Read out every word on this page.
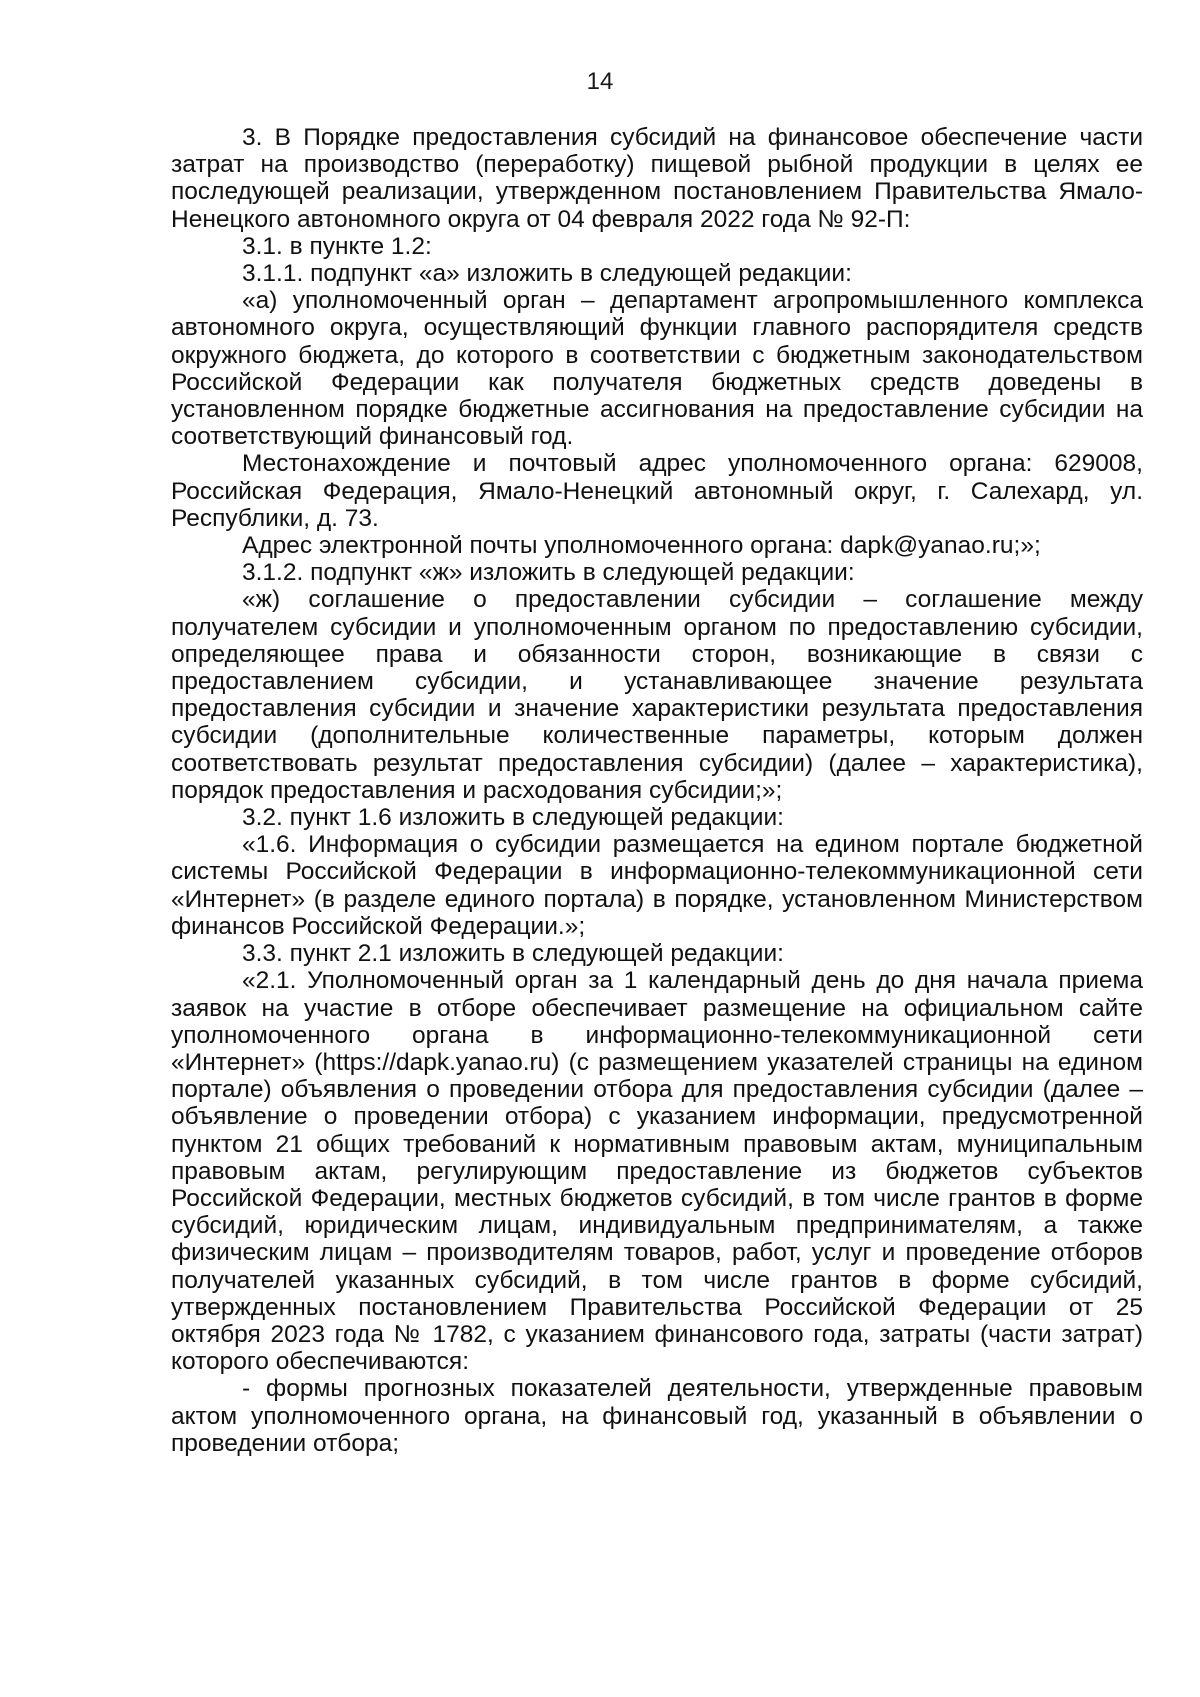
14

3. В Порядке предоставления субсидий на финансовое обеспечение части затрат на производство (переработку) пищевой рыбной продукции в целях ее последующей реализации, утвержденном постановлением Правительства Ямало-Ненецкого автономного округа от 04 февраля 2022 года № 92-П:

3.1. в пункте 1.2:

3.1.1. подпункт «а» изложить в следующей редакции:

«а) уполномоченный орган – департамент агропромышленного комплекса автономного округа, осуществляющий функции главного распорядителя средств окружного бюджета, до которого в соответствии с бюджетным законодательством Российской Федерации как получателя бюджетных средств доведены в установленном порядке бюджетные ассигнования на предоставление субсидии на соответствующий финансовый год.

Местонахождение и почтовый адрес уполномоченного органа: 629008, Российская Федерация, Ямало-Ненецкий автономный округ, г. Салехард, ул. Республики, д. 73.

Адрес электронной почты уполномоченного органа: dapk@yanao.ru;»;

3.1.2. подпункт «ж» изложить в следующей редакции:

«ж) соглашение о предоставлении субсидии – соглашение между получателем субсидии и уполномоченным органом по предоставлению субсидии, определяющее права и обязанности сторон, возникающие в связи с предоставлением субсидии, и устанавливающее значение результата предоставления субсидии и значение характеристики результата предоставления субсидии (дополнительные количественные параметры, которым должен соответствовать результат предоставления субсидии) (далее – характеристика), порядок предоставления и расходования субсидии;»;

3.2. пункт 1.6 изложить в следующей редакции:

«1.6. Информация о субсидии размещается на едином портале бюджетной системы Российской Федерации в информационно-телекоммуникационной сети «Интернет» (в разделе единого портала) в порядке, установленном Министерством финансов Российской Федерации.»;

3.3. пункт 2.1 изложить в следующей редакции:

«2.1. Уполномоченный орган за 1 календарный день до дня начала приема заявок на участие в отборе обеспечивает размещение на официальном сайте уполномоченного органа в информационно-телекоммуникационной сети «Интернет» (https://dapk.yanao.ru) (с размещением указателей страницы на едином портале) объявления о проведении отбора для предоставления субсидии (далее – объявление о проведении отбора) с указанием информации, предусмотренной пунктом 21 общих требований к нормативным правовым актам, муниципальным правовым актам, регулирующим предоставление из бюджетов субъектов Российской Федерации, местных бюджетов субсидий, в том числе грантов в форме субсидий, юридическим лицам, индивидуальным предпринимателям, а также физическим лицам – производителям товаров, работ, услуг и проведение отборов получателей указанных субсидий, в том числе грантов в форме субсидий, утвержденных постановлением Правительства Российской Федерации от 25 октября 2023 года № 1782, с указанием финансового года, затраты (части затрат) которого обеспечиваются:

- формы прогнозных показателей деятельности, утвержденные правовым актом уполномоченного органа, на финансовый год, указанный в объявлении о проведении отбора;
